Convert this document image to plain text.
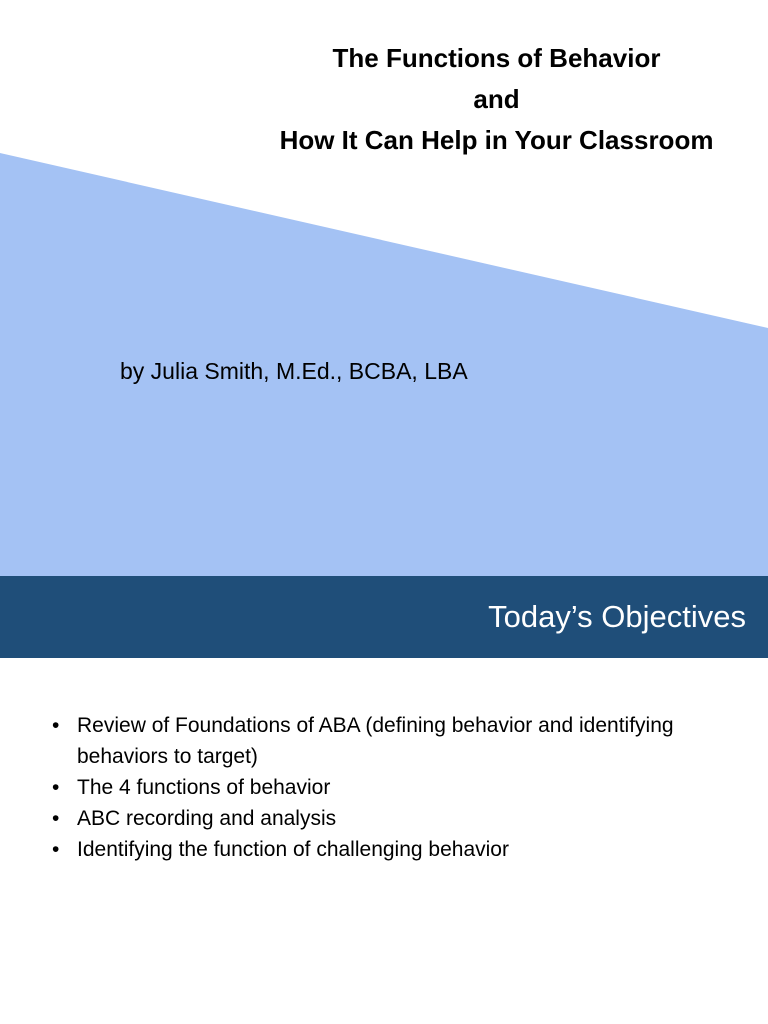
The Functions of Behavior
and
How It Can Help in Your Classroom
by Julia Smith, M.Ed., BCBA, LBA
Today’s Objectives
• Review of Foundations of ABA (defining behavior and identifying behaviors to target)
• The 4 functions of behavior
• ABC recording and analysis
• Identifying the function of challenging behavior
